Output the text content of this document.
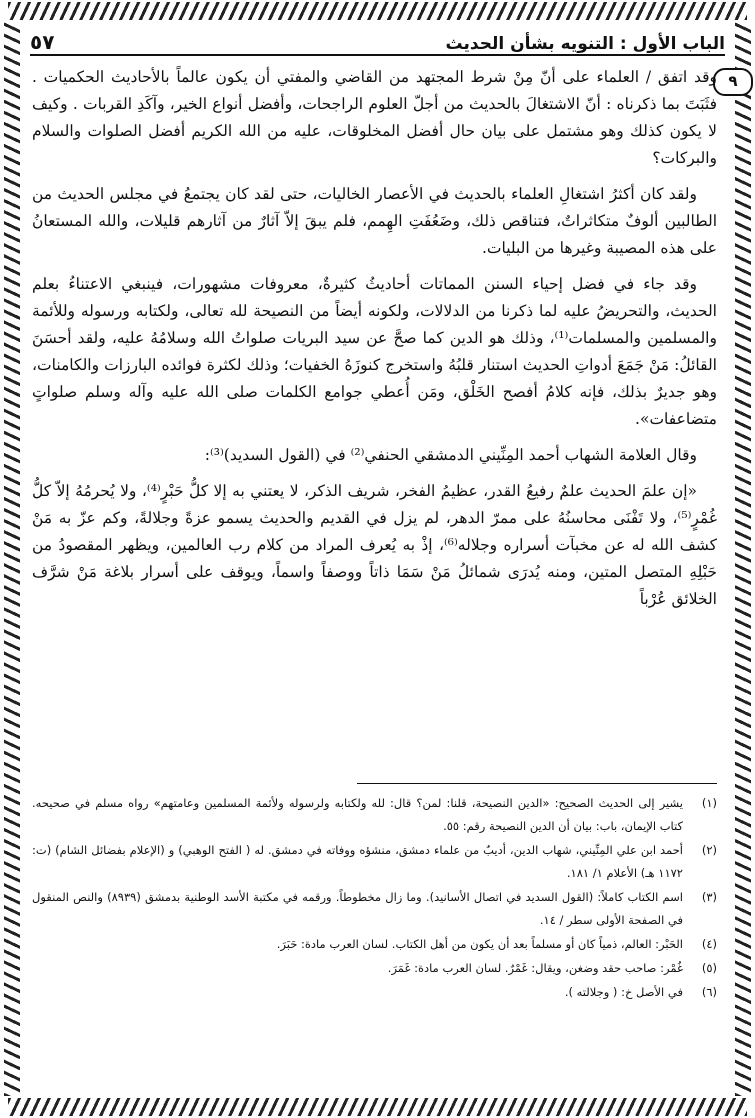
الباب الأول : التنويه بشأن الحديث
٥٧
٩

وقد اتفق / العلماء على أنّ مِنْ شرط المجتهد من القاضي والمفتي أن يكون عالماً بالأحاديث الحكميات . فثَبَتَ بما ذكرناه : أنّ الاشتغالَ بالحديث من أجلّ العلوم الراجحات، وأفضل أنواع الخير، وآكَدِ القربات . وكيف لا يكون كذلك وهو مشتمل على بيان حال أفضل المخلوقات، عليه من الله الكريم أفضل الصلوات والسلام والبركات؟

ولقد كان أكثرُ اشتغالِ العلماء بالحديث في الأعصار الخاليات، حتى لقد كان يجتمعُ في مجلس الحديث من الطالبين ألوفٌ متكاثراتٌ، فتناقص ذلك، وضَعُفَتِ الهِمم، فلم يبقَ إلاّ آثارٌ من آثارهم قليلات، والله المستعانُ على هذه المصيبة وغيرها من البليات.

وقد جاء في فضل إحياء السنن المماتات أحاديثُ كثيرةٌ، معروفات مشهورات، فينبغي الاعتناءُ بعلم الحديث، والتحريضُ عليه لما ذكرنا من الدلالات، ولكونه أيضاً من النصيحة لله تعالى، ولكتابه ورسوله وللأئمة والمسلمين والمسلمات⁽¹⁾، وذلك هو الدين كما صحَّ عن سيد البريات صلواتُ الله وسلامُهُ عليه، ولقد أحسَنَ القائلُ: مَنْ جَمَعَ أدواتِ الحديث استنار قلبُهُ واستخرج كنوزَهُ الخفيات؛ وذلك لكثرة فوائده البارزات والكامنات، وهو جديرٌ بذلك، فإنه كلامُ أفصح الخَلْق، ومَن أُعطي جوامع الكلمات صلى الله عليه وآله وسلم صلواتٍ متضاعفات».

وقال العلامة الشهاب أحمد المِنِّيني الدمشقي الحنفي⁽²⁾ في (القول السديد)⁽³⁾:

«إن علمَ الحديث علمٌ رفيعُ القدر، عظيمُ الفخر، شريف الذكر، لا يعتني به إلا كلُّ حَبْرٍ⁽⁴⁾، ولا يُحرمُهُ إلاّ كلُّ غُمْرٍ⁽⁵⁾، ولا تَفْنَى محاسنُهُ على ممرّ الدهر، لم يزل في القديم والحديث يسمو عزةً وجلالةً، وكم عزّ به مَنْ كشف الله له عن مخبآت أسراره وجلاله⁽⁶⁾، إذْ به يُعرف المراد من كلام رب العالمين، ويظهر المقصودُ من حَبْلِهِ المتصل المتين، ومنه يُدرَى شمائلُ مَنْ سَمَا ذاتاً ووصفاً واسماً، ويوقف على أسرار بلاغة مَنْ شرَّف الخلائق عُرْباً

(١)
يشير إلى الحديث الصحيح: «الدين النصيحة، قلنا: لمن؟ قال: لله ولكتابه ولرسوله ولأئمة المسلمين وعامتهم» رواه مسلم في صحيحه. كتاب الإيمان، باب: بيان أن الدين النصيحة رقم: ٥٥.
(٢)
أحمد ابن علي المِنِّيني، شهاب الدين، أديبٌ من علماء دمشق، منشؤه ووفاته في دمشق. له ( الفتح الوهبي) و (الإعلام بفضائل الشام) (ت: ١١٧٢ هـ) الأعلام ١/ ١٨١.
(٣)
اسم الكتاب كاملاً: (القول السديد في اتصال الأسانيد). وما زال مخطوطاً. ورقمه في مكتبة الأسد الوطنية بدمشق (٨٩٣٩) والنص المنقول في الصفحة الأولى سطر / ١٤.
(٤)
الحَبْر: العالم، ذمياً كان أو مسلماً بعد أن يكون من أهل الكتاب. لسان العرب مادة: حَبَرَ.
(٥)
غُمْر: صاحب حقد وضغن، ويقال: غَمْرٌ. لسان العرب مادة: غَمَرَ.
(٦)
في الأصل خ: ( وجلالته ).
